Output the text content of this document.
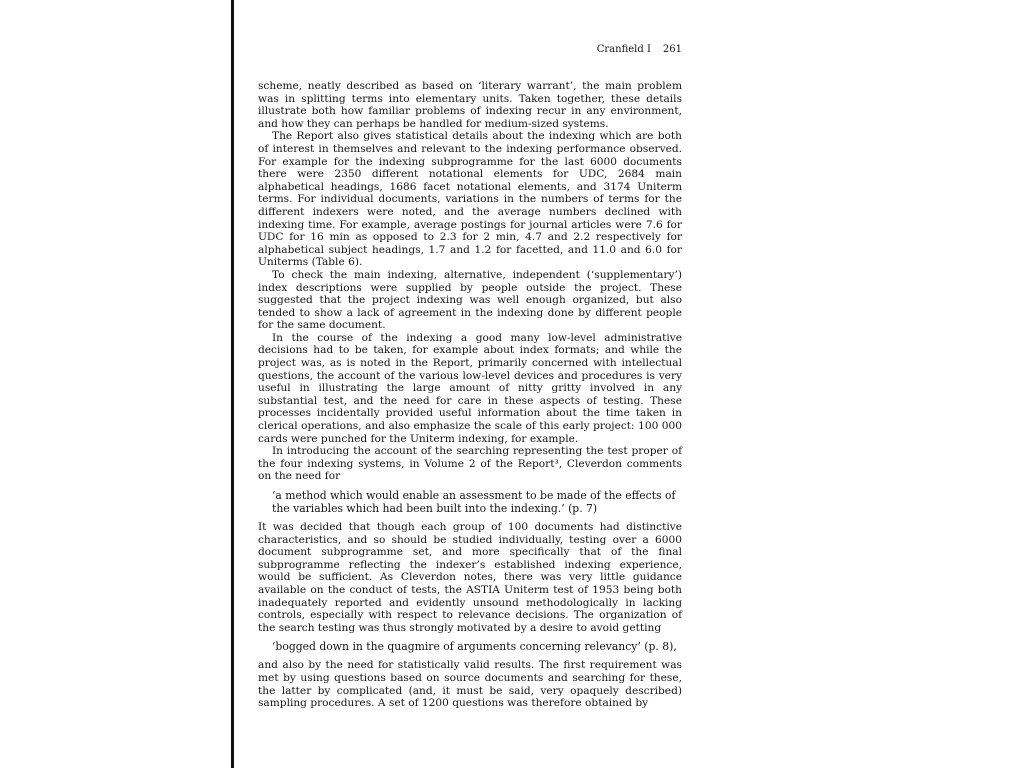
Cranfield I 261

scheme, neatly described as based on ‘literary warrant’, the main problem was in splitting terms into elementary units. Taken together, these details illustrate both how familiar problems of indexing recur in any environment, and how they can perhaps be handled for medium-sized systems.

The Report also gives statistical details about the indexing which are both of interest in themselves and relevant to the indexing performance observed. For example for the indexing subprogramme for the last 6000 documents there were 2350 different notational elements for UDC, 2684 main alphabetical headings, 1686 facet notational elements, and 3174 Uniterm terms. For individual documents, variations in the numbers of terms for the different indexers were noted, and the average numbers declined with indexing time. For example, average postings for journal articles were 7.6 for UDC for 16 min as opposed to 2.3 for 2 min, 4.7 and 2.2 respectively for alphabetical subject headings, 1.7 and 1.2 for facetted, and 11.0 and 6.0 for Uniterms (Table 6).

To check the main indexing, alternative, independent (‘supplementary’) index descriptions were supplied by people outside the project. These suggested that the project indexing was well enough organized, but also tended to show a lack of agreement in the indexing done by different people for the same document.

In the course of the indexing a good many low-level administrative decisions had to be taken, for example about index formats; and while the project was, as is noted in the Report, primarily concerned with intellectual questions, the account of the various low-level devices and procedures is very useful in illustrating the large amount of nitty gritty involved in any substantial test, and the need for care in these aspects of testing. These processes incidentally provided useful information about the time taken in clerical operations, and also emphasize the scale of this early project: 100 000 cards were punched for the Uniterm indexing, for example.

In introducing the account of the searching representing the test proper of the four indexing systems, in Volume 2 of the Report³, Cleverdon comments on the need for

‘a method which would enable an assessment to be made of the effects of the variables which had been built into the indexing.’ (p. 7)

It was decided that though each group of 100 documents had distinctive characteristics, and so should be studied individually, testing over a 6000 document subprogramme set, and more specifically that of the final subprogramme reflecting the indexer’s established indexing experience, would be sufficient. As Cleverdon notes, there was very little guidance available on the conduct of tests, the ASTIA Uniterm test of 1953 being both inadequately reported and evidently unsound methodologically in lacking controls, especially with respect to relevance decisions. The organization of the search testing was thus strongly motivated by a desire to avoid getting

‘bogged down in the quagmire of arguments concerning relevancy’ (p. 8),

and also by the need for statistically valid results. The first requirement was met by using questions based on source documents and searching for these, the latter by complicated (and, it must be said, very opaquely described) sampling procedures. A set of 1200 questions was therefore obtained by
